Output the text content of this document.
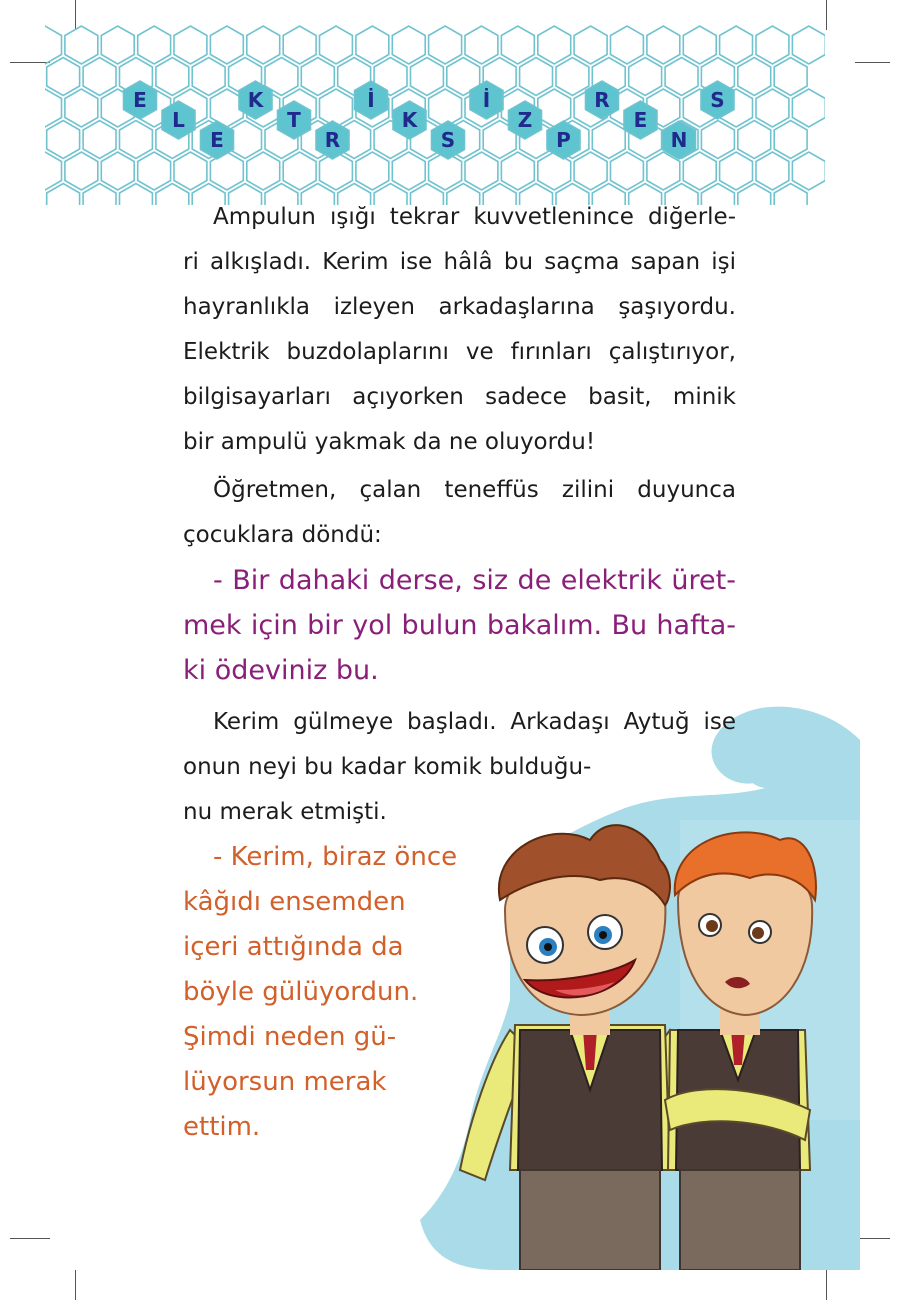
E
L
E
K
T
R
İ
K
S
İ
Z
P
R
E
N
S
Ampulun ışığı tekrar kuvvetlenince diğerle-
ri alkışladı. Kerim ise hâlâ bu saçma sapan işi
hayranlıkla izleyen arkadaşlarına şaşıyordu.
Elektrik buzdolaplarını ve fırınları çalıştırıyor,
bilgisayarları açıyorken sadece basit, minik
bir ampulü yakmak da ne oluyordu!
Öğretmen, çalan teneffüs zilini duyunca
çocuklara döndü:
- Bir dahaki derse, siz de elektrik üret-
mek için bir yol bulun bakalım. Bu hafta-
ki ödeviniz bu.
Kerim gülmeye başladı. Arkadaşı Aytuğ ise
onun neyi bu kadar komik bulduğu-
nu merak etmişti.
- Kerim, biraz önce
kâğıdı ensemden
içeri attığında da
böyle gülüyordun.
Şimdi neden gü-
lüyorsun merak
ettim.
